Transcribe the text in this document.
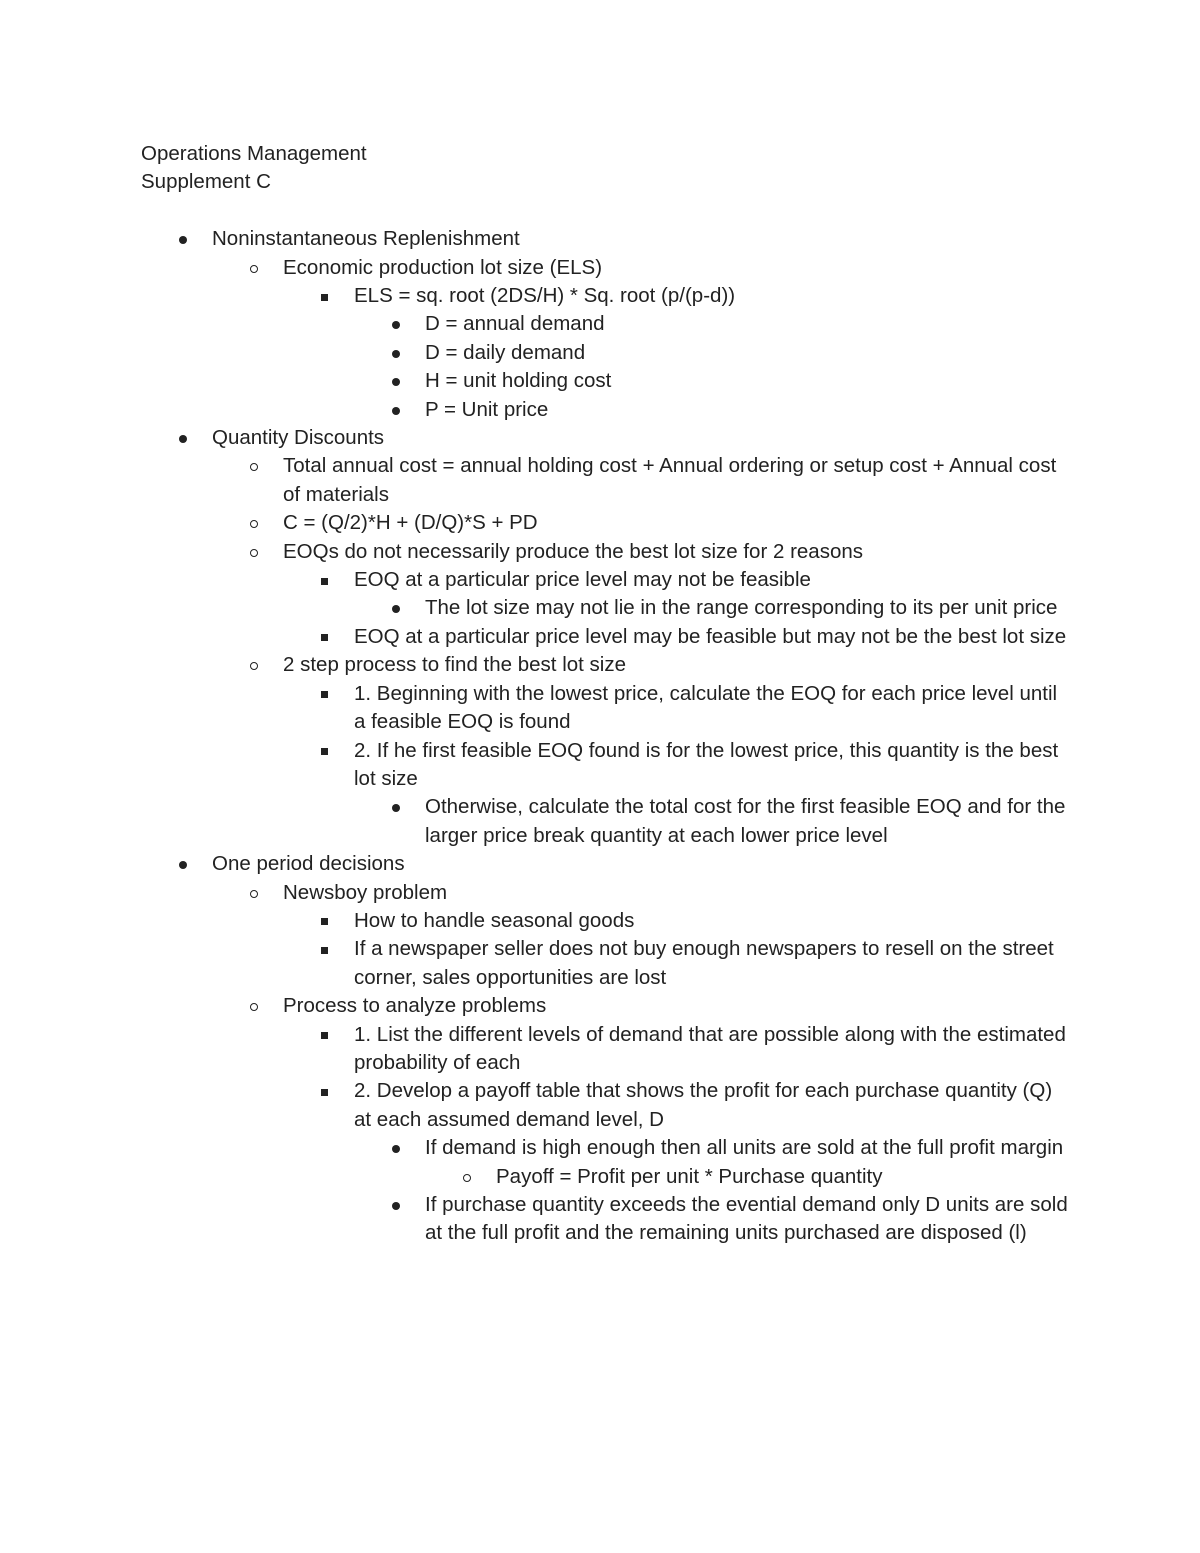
Operations Management

Supplement C

Noninstantaneous Replenishment
Economic production lot size (ELS)
ELS = sq. root (2DS/H) * Sq. root (p/(p-d))
D = annual demand
D = daily demand
H = unit holding cost
P = Unit price
Quantity Discounts
Total annual cost = annual holding cost + Annual ordering or setup cost + Annual cost of materials
C = (Q/2)*H + (D/Q)*S + PD
EOQs do not necessarily produce the best lot size for 2 reasons
EOQ at a particular price level may not be feasible
The lot size may not lie in the range corresponding to its per unit price
EOQ at a particular price level may be feasible but may not be the best lot size
2 step process to find the best lot size
1. Beginning with the lowest price, calculate the EOQ for each price level until a feasible EOQ is found
2. If he first feasible EOQ found is for the lowest price, this quantity is the best lot size
Otherwise, calculate the total cost for the first feasible EOQ and for the larger price break quantity at each lower price level
One period decisions
Newsboy problem
How to handle seasonal goods
If a newspaper seller does not buy enough newspapers to resell on the street corner, sales opportunities are lost
Process to analyze problems
1. List the different levels of demand that are possible along with the estimated probability of each
2. Develop a payoff table that shows the profit for each purchase quantity (Q) at each assumed demand level, D
If demand is high enough then all units are sold at the full profit margin
Payoff = Profit per unit * Purchase quantity
If purchase quantity exceeds the evential demand only D units are sold at the full profit and the remaining units purchased are disposed (l)
